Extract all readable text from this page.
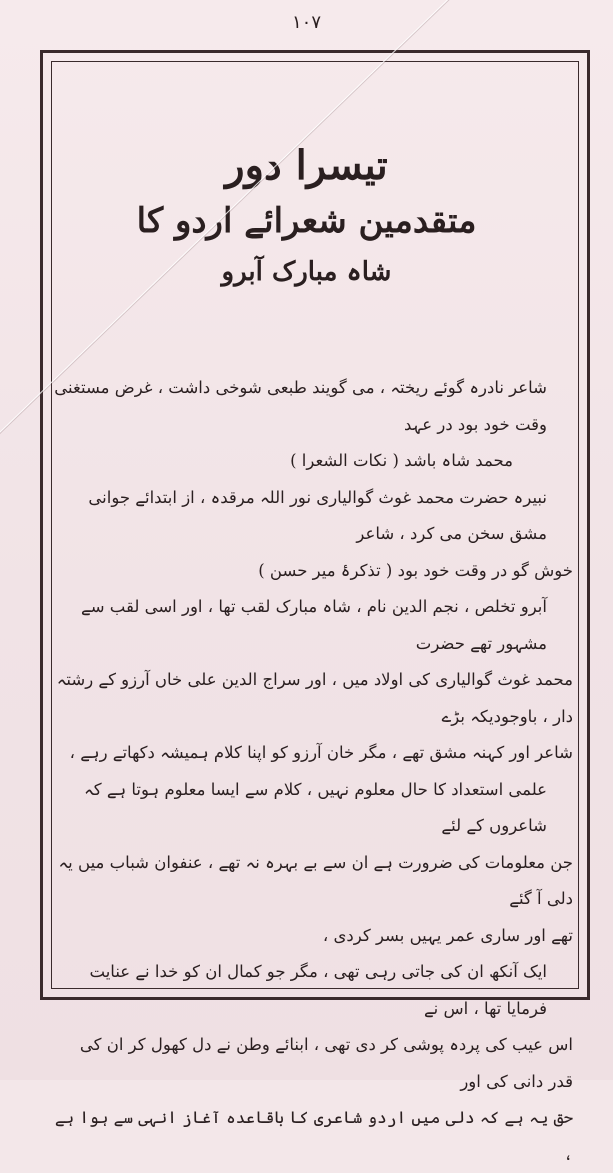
۱۰۷

تیسرا دور

متقدمین شعرائے اردو کا

شاہ مبارک آبرو

شاعر نادرہ گوئے ریختہ ، می گویند طبعی شوخی داشت ، غرض مستغنی وقت خود بود در عہد

محمد شاہ باشد ( نکات الشعرا )

نبیرہ حضرت محمد غوث گوالیاری نور اللہ مرقدہ ، از ابتدائے جوانی مشق سخن می کرد ، شاعر

خوش گو در وقت خود بود ( تذکرۂ میر حسن )

آبرو تخلص ، نجم الدین نام ، شاہ مبارک لقب تھا ، اور اسی لقب سے مشہور تھے حضرت

محمد غوث گوالیاری کی اولاد میں ، اور سراج الدین علی خاں آرزو کے رشتہ دار ، باوجودیکہ بڑے

شاعر اور کہنہ مشق تھے ، مگر خان آرزو کو اپنا کلام ہمیشہ دکھاتے رہے ،

علمی استعداد کا حال معلوم نہیں ، کلام سے ایسا معلوم ہوتا ہے کہ شاعروں کے لئے

جن معلومات کی ضرورت ہے ان سے بے بہرہ نہ تھے ، عنفوان شباب میں یہ دلی آ گئے

تھے اور ساری عمر یہیں بسر کردی ،

ایک آنکھ ان کی جاتی رہی تھی ، مگر جو کمال ان کو خدا نے عنایت فرمایا تھا ، اس نے

اس عیب کی پردہ پوشی کر دی تھی ، ابنائے وطن نے دل کھول کر ان کی قدر دانی کی اور

حق یہ ہے کہ دلی میں اردو شاعری کا باقاعدہ آغاز انہی سے ہوا ہے ،
